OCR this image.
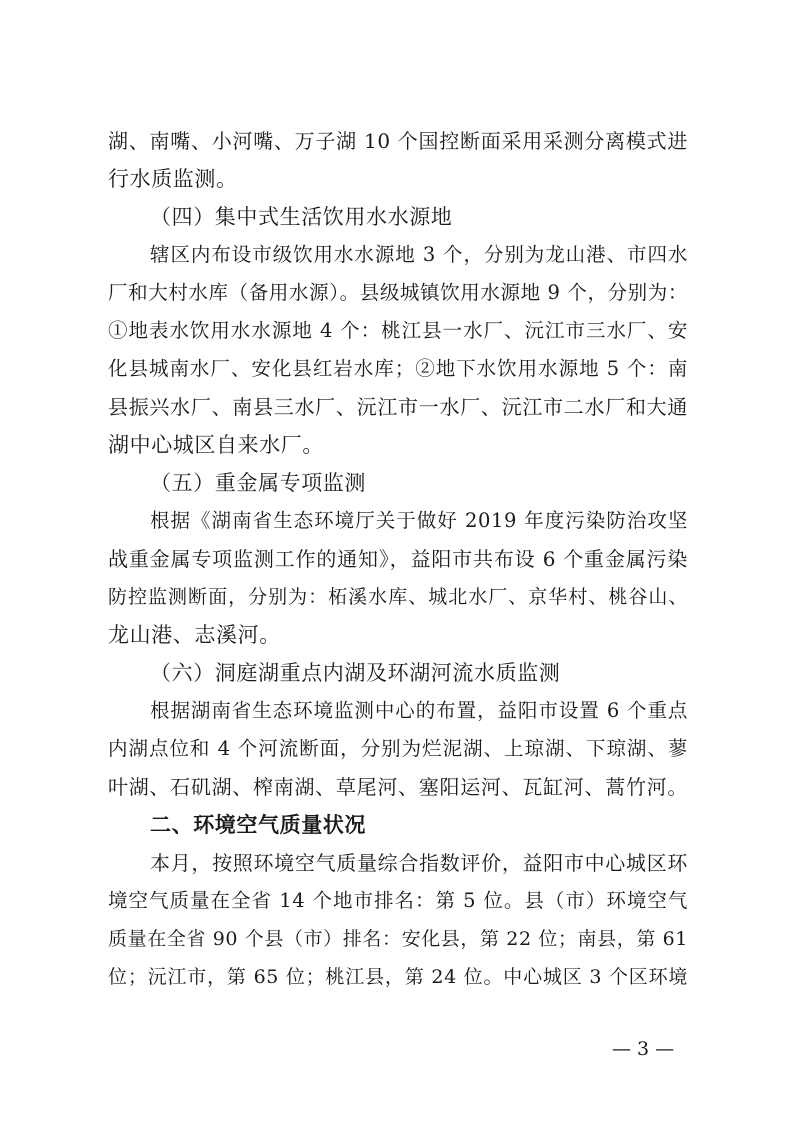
湖、南嘴、小河嘴、万子湖 10 个国控断面采用采测分离模式进
行水质监测。
（四）集中式生活饮用水水源地
辖区内布设市级饮用水水源地 3 个，分别为龙山港、市四水
厂和大村水库（备用水源）。县级城镇饮用水源地 9 个，分别为：
①地表水饮用水水源地 4 个：桃江县一水厂、沅江市三水厂、安
化县城南水厂、安化县红岩水库；②地下水饮用水源地 5 个：南
县振兴水厂、南县三水厂、沅江市一水厂、沅江市二水厂和大通
湖中心城区自来水厂。
（五）重金属专项监测
根据《湖南省生态环境厅关于做好 2019 年度污染防治攻坚
战重金属专项监测工作的通知》，益阳市共布设 6 个重金属污染
防控监测断面，分别为：柘溪水库、城北水厂、京华村、桃谷山、
龙山港、志溪河。
（六）洞庭湖重点内湖及环湖河流水质监测
根据湖南省生态环境监测中心的布置，益阳市设置 6 个重点
内湖点位和 4 个河流断面，分别为烂泥湖、上琼湖、下琼湖、蓼
叶湖、石矶湖、榨南湖、草尾河、塞阳运河、瓦缸河、蒿竹河。
二、环境空气质量状况
本月，按照环境空气质量综合指数评价，益阳市中心城区环
境空气质量在全省 14 个地市排名：第 5 位。县（市）环境空气
质量在全省 90 个县（市）排名：安化县，第 22 位；南县，第 61
位；沅江市，第 65 位；桃江县，第 24 位。中心城区 3 个区环境
— 3 —
